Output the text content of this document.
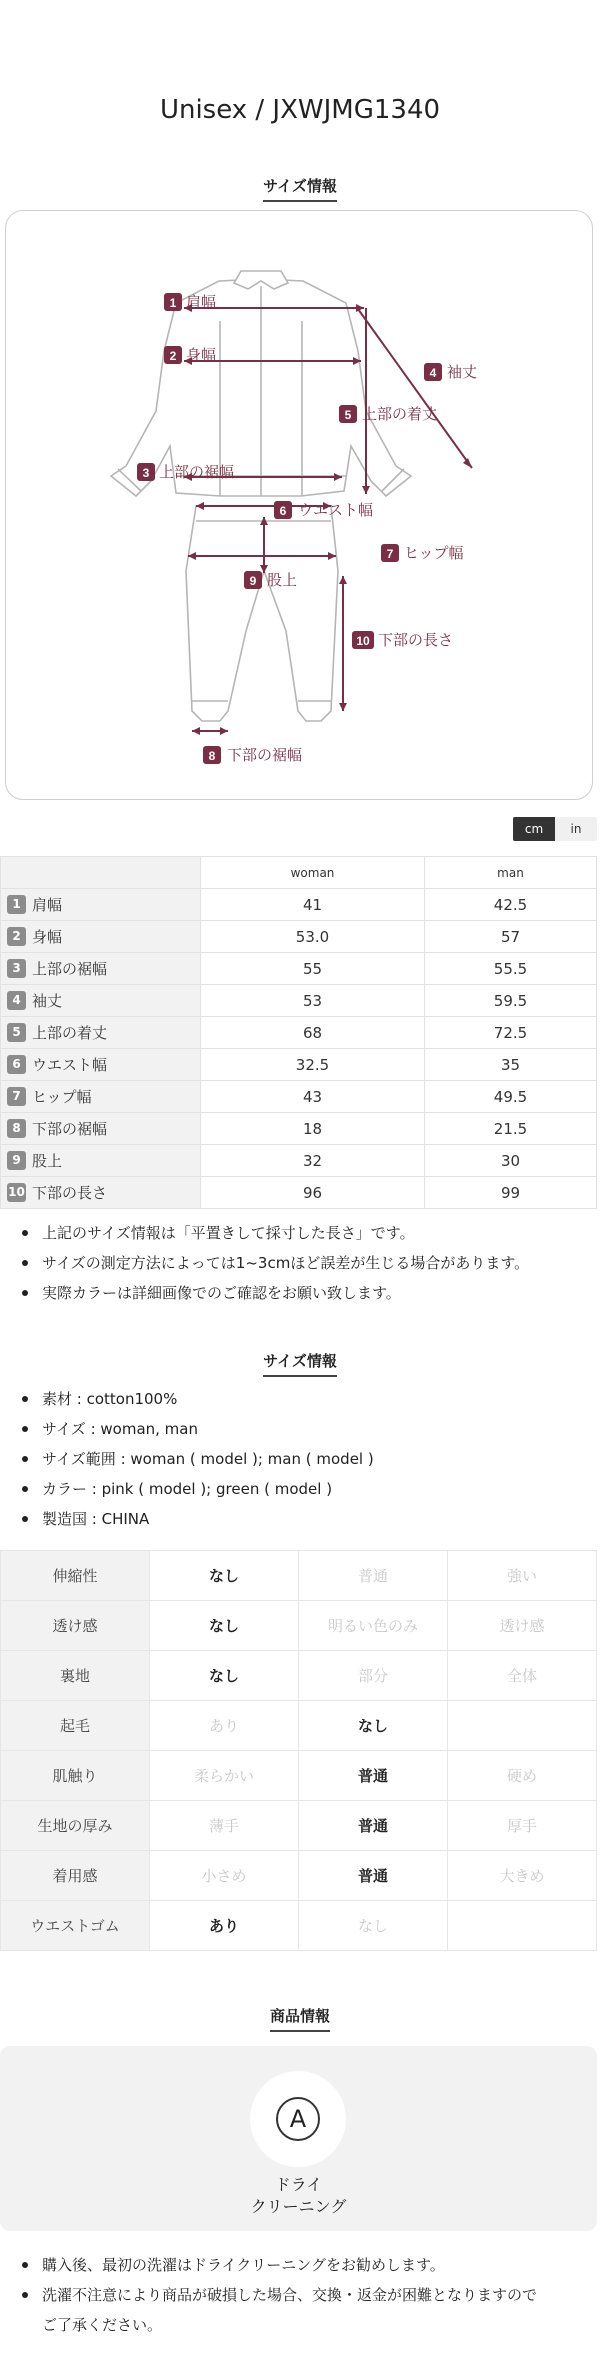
Unisex / JXWJMG1340
サイズ情報
1 肩幅
2 身幅
3 上部の裾幅
4 袖丈
5 上部の着丈
6 ウエスト幅
7 ヒップ幅
8 下部の裾幅
9 股上
10 下部の長さ
cm	in
	woman	man
1 肩幅	41	42.5
2 身幅	53.0	57
3 上部の裾幅	55	55.5
4 袖丈	53	59.5
5 上部の着丈	68	72.5
6 ウエスト幅	32.5	35
7 ヒップ幅	43	49.5
8 下部の裾幅	18	21.5
9 股上	32	30
10 下部の長さ	96	99
上記のサイズ情報は「平置きして採寸した長さ」です。
サイズの測定方法によっては1~3cmほど誤差が生じる場合があります。
実際カラーは詳細画像でのご確認をお願い致します。
サイズ情報
素材 : cotton100%
サイズ : woman, man
サイズ範囲 : woman ( model ); man ( model )
カラー : pink ( model ); green ( model )
製造国 : CHINA
伸縮性	なし	普通	強い
透け感	なし	明るい色のみ	透け感
裏地	なし	部分	全体
起毛	あり	なし	
肌触り	柔らかい	普通	硬め
生地の厚み	薄手	普通	厚手
着用感	小さめ	普通	大きめ
ウエストゴム	あり	なし	
商品情報
A
ドライ
クリーニング
購入後、最初の洗濯はドライクリーニングをお勧めします。
洗濯不注意により商品が破損した場合、交換・返金が困難となりますので
ご了承ください。
